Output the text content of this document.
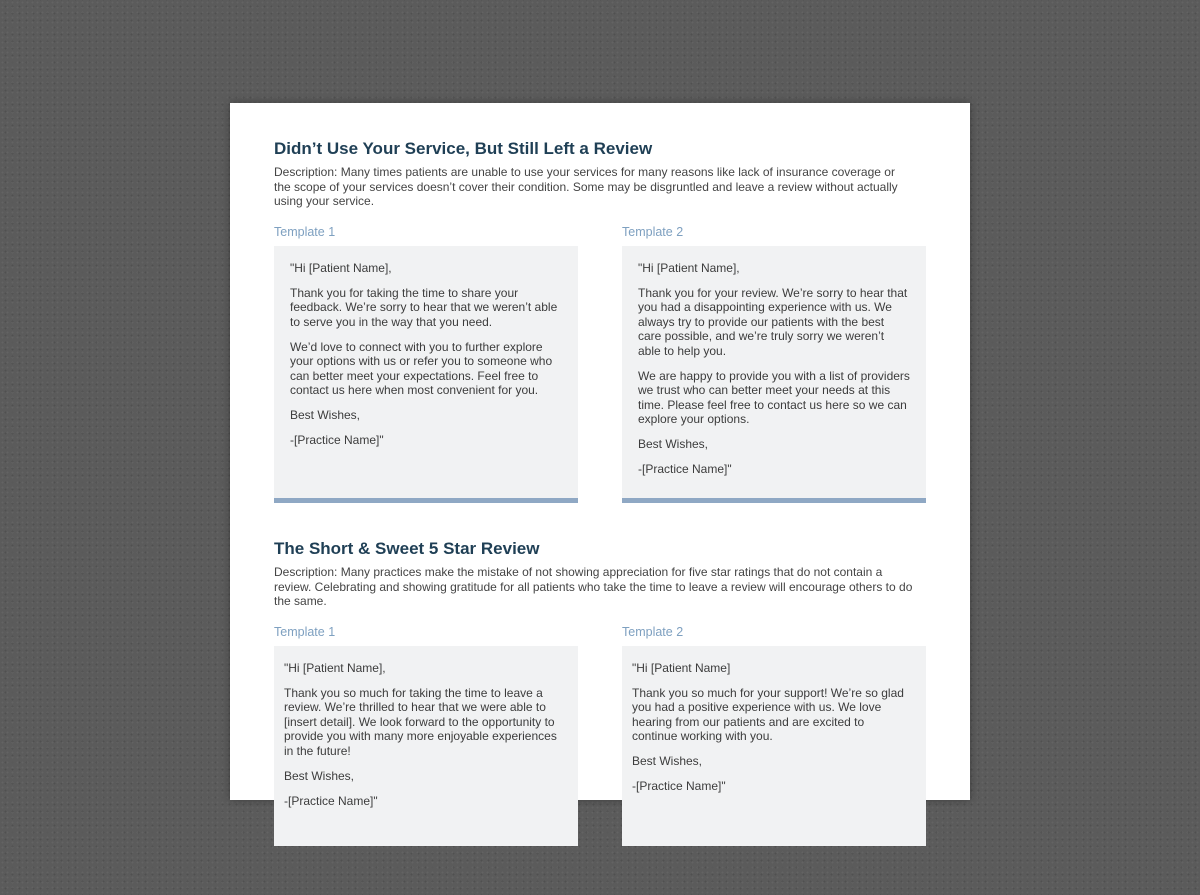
Didn’t Use Your Service, But Still Left a Review

Description: Many times patients are unable to use your services for many reasons like lack of insurance coverage or the scope of your services doesn’t cover their condition. Some may be disgruntled and leave a review without actually using your service.

Template 1

"Hi [Patient Name],

Thank you for taking the time to share your feedback. We’re sorry to hear that we weren’t able to serve you in the way that you need.

We’d love to connect with you to further explore your options with us or refer you to someone who can better meet your expectations. Feel free to contact us here when most convenient for you.

Best Wishes,

-[Practice Name]"

Template 2

"Hi [Patient Name],

Thank you for your review. We’re sorry to hear that you had a disappointing experience with us. We always try to provide our patients with the best care possible, and we’re truly sorry we weren’t able to help you.

We are happy to provide you with a list of providers we trust who can better meet your needs at this time. Please feel free to contact us here so we can explore your options.

Best Wishes,

-[Practice Name]"

The Short & Sweet 5 Star Review

Description: Many practices make the mistake of not showing appreciation for five star ratings that do not contain a review. Celebrating and showing gratitude for all patients who take the time to leave a review will encourage others to do the same.

Template 1

"Hi [Patient Name],

Thank you so much for taking the time to leave a review. We’re thrilled to hear that we were able to [insert detail]. We look forward to the opportunity to provide you with many more enjoyable experiences in the future!

Best Wishes,

-[Practice Name]"

Template 2

"Hi [Patient Name]

Thank you so much for your support! We’re so glad you had a positive experience with us. We love hearing from our patients and are excited to continue working with you.

Best Wishes,

-[Practice Name]"
